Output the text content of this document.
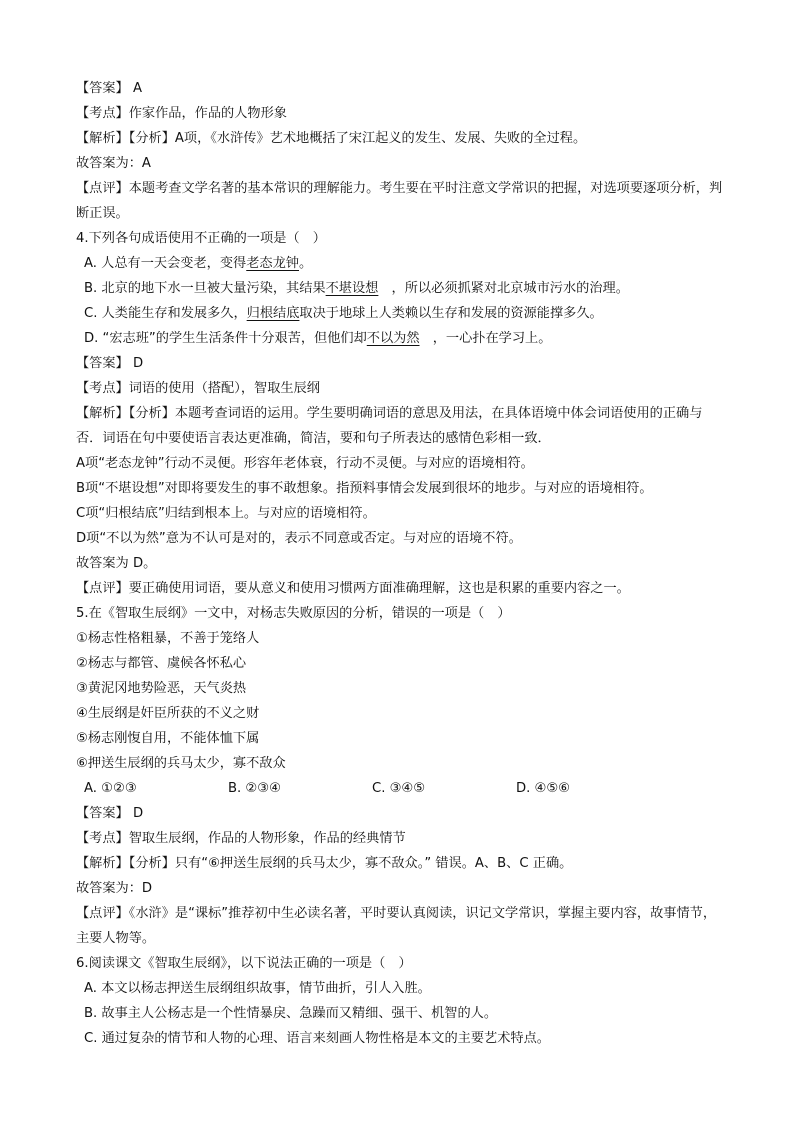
【答案】 A
【考点】作家作品，作品的人物形象
【解析】【分析】A项，《水浒传》艺术地概括了宋江起义的发生、发展、失败的全过程。
故答案为：A
【点评】本题考查文学名著的基本常识的理解能力。考生要在平时注意文学常识的把握，对选项要逐项分析，判断正误。
4.下列各句成语使用不正确的一项是（　）
A. 人总有一天会变老，变得老态龙钟。
B. 北京的地下水一旦被大量污染，其结果不堪设想　，所以必须抓紧对北京城市污水的治理。
C. 人类能生存和发展多久，归根结底取决于地球上人类赖以生存和发展的资源能撑多久。
D. “宏志班”的学生生活条件十分艰苦，但他们却不以为然　，一心扑在学习上。
【答案】 D
【考点】词语的使用（搭配），智取生辰纲
【解析】【分析】本题考查词语的运用。学生要明确词语的意思及用法，在具体语境中体会词语使用的正确与否．词语在句中要使语言表达更准确，简洁，要和句子所表达的感情色彩相一致．
A项“老态龙钟”行动不灵便。形容年老体衰，行动不灵便。与对应的语境相符。
B项“不堪设想”对即将要发生的事不敢想象。指预料事情会发展到很坏的地步。与对应的语境相符。
C项“归根结底”归结到根本上。与对应的语境相符。
D项“不以为然”意为不认可是对的，表示不同意或否定。与对应的语境不符。
故答案为 D。
【点评】要正确使用词语，要从意义和使用习惯两方面准确理解，这也是积累的重要内容之一。
5.在《智取生辰纲》一文中，对杨志失败原因的分析，错误的一项是（　）
①杨志性格粗暴，不善于笼络人
②杨志与都管、虞候各怀私心
③黄泥冈地势险恶，天气炎热
④生辰纲是奸臣所获的不义之财
⑤杨志刚愎自用，不能体恤下属
⑥押送生辰纲的兵马太少，寡不敌众
A. ①②③	B. ②③④	C. ③④⑤	D. ④⑤⑥
【答案】 D
【考点】智取生辰纲，作品的人物形象，作品的经典情节
【解析】【分析】只有“⑥押送生辰纲的兵马太少，寡不敌众。” 错误。A、B、C 正确。
故答案为：D
【点评】《水浒》是“课标”推荐初中生必读名著，平时要认真阅读，识记文学常识，掌握主要内容，故事情节，主要人物等。
6.阅读课文《智取生辰纲》，以下说法正确的一项是（　）
A. 本文以杨志押送生辰纲组织故事，情节曲折，引人入胜。
B. 故事主人公杨志是一个性情暴戾、急躁而又精细、强干、机智的人。
C. 通过复杂的情节和人物的心理、语言来刻画人物性格是本文的主要艺术特点。
